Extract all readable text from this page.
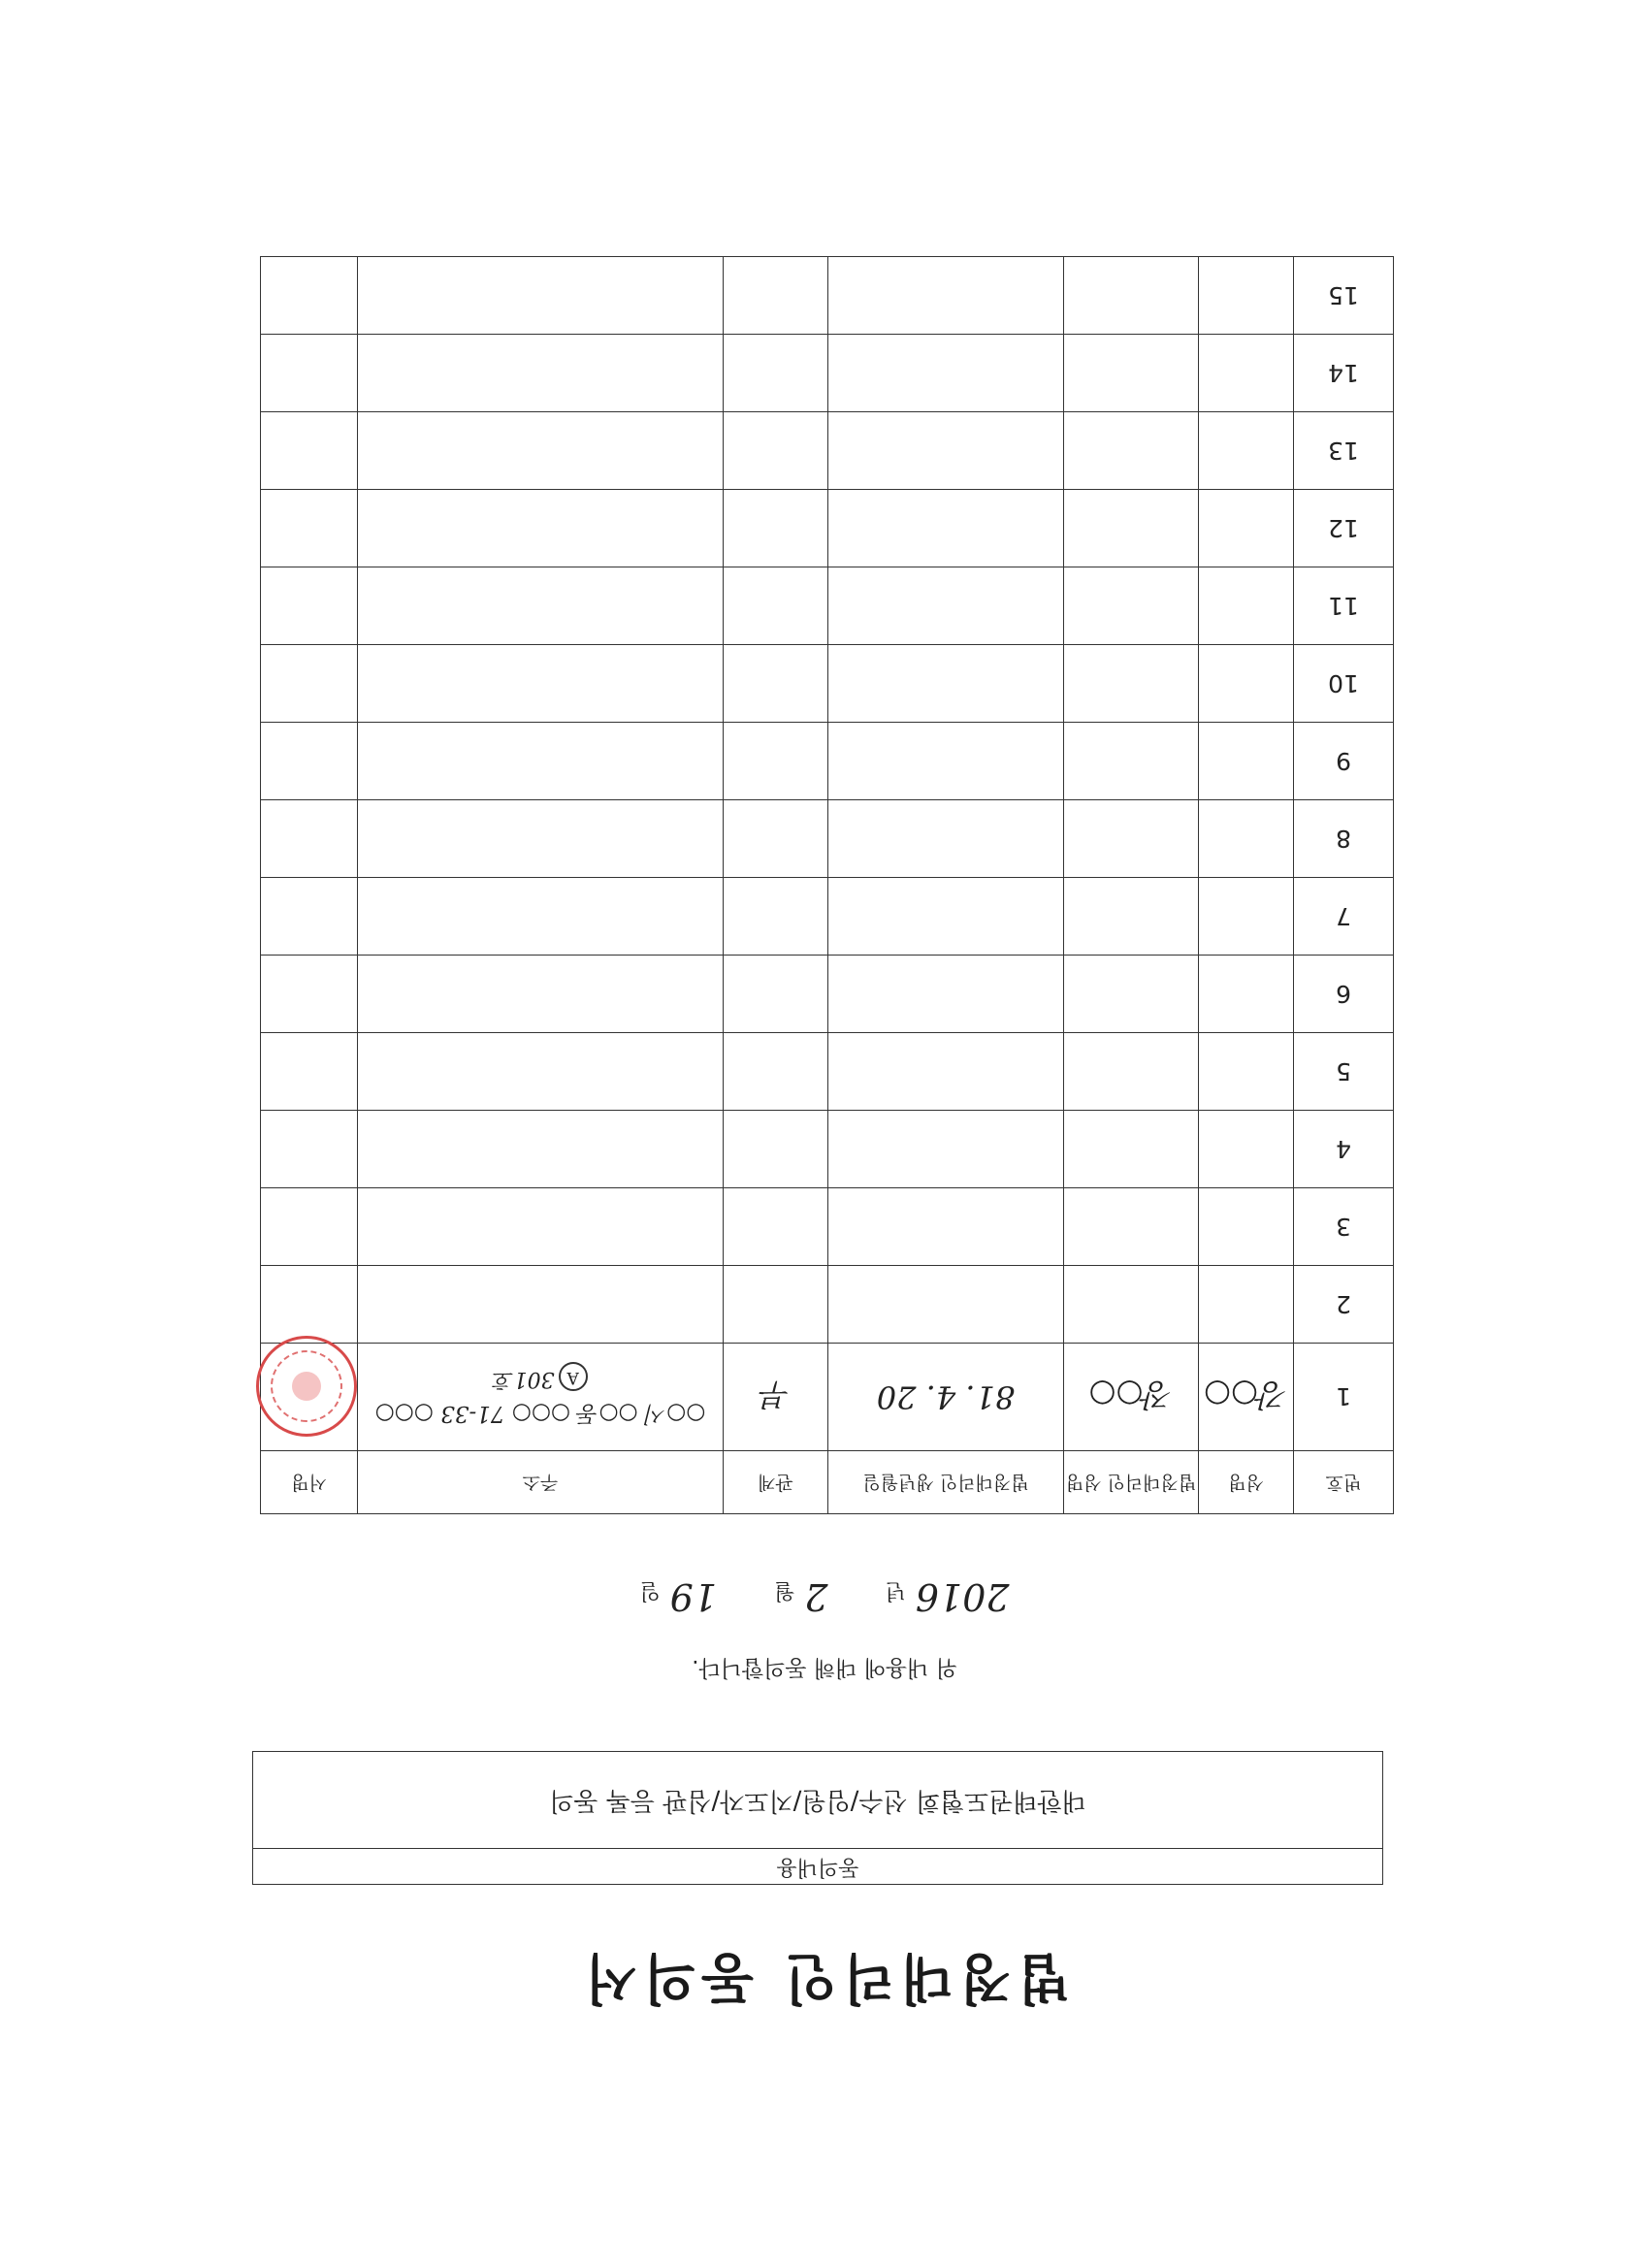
법정대리인 동의서
동의내용
대한태권도협회 선수/임원/지도자/심판 등록 동의
위 내용에 대해 동의합니다.
2016년 2월 19일
번호	성명	법정대리인 성명	법정대리인 생년월일	관계	주소	서명
1	강○○	장○○	81. 4. 20	부	○○시 ○○동 ○○○ 71-33 ○○○
A301호	

2						
3						
4						
5						
6						
7						
8						
9						
10						
11						
12						
13						
14						
15						
